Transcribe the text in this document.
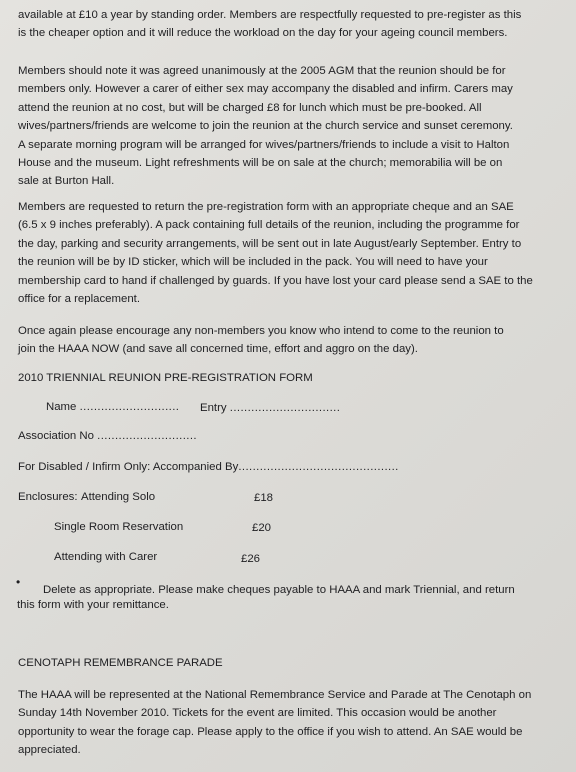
available at £10 a year by standing order. Members are respectfully requested to pre-register as this
is the cheaper option and it will reduce the workload on the day for your ageing council members.
Members should note it was agreed unanimously at the 2005 AGM that the reunion should be for
members only. However a carer of either sex may accompany the disabled and infirm. Carers may
attend the reunion at no cost, but will be charged £8 for lunch which must be pre-booked. All
wives/partners/friends are welcome to join the reunion at the church service and sunset ceremony.
A separate morning program will be arranged for wives/partners/friends to include a visit to Halton
House and the museum. Light refreshments will be on sale at the church; memorabilia will be on
sale at Burton Hall.
Members are requested to return the pre-registration form with an appropriate cheque and an SAE
(6.5 x 9 inches preferably). A pack containing full details of the reunion, including the programme for
the day, parking and security arrangements, will be sent out in late August/early September. Entry to
the reunion will be by ID sticker, which will be included in the pack. You will need to have your
membership card to hand if challenged by guards. If you have lost your card please send a SAE to the
office for a replacement.
Once again please encourage any non-members you know who intend to come to the reunion to
join the HAAA NOW (and save all concerned time, effort and aggro on the day).
2010 TRIENNIAL REUNION PRE-REGISTRATION FORM
Name ............................ Entry ...............................
Association No ............................
For Disabled / Infirm Only: Accompanied By.............................................
Enclosures: Attending Solo	£18
Single Room Reservation	£20
Attending with Carer	£26
•
Delete as appropriate. Please make cheques payable to HAAA and mark Triennial, and return
this form with your remittance.
CENOTAPH REMEMBRANCE PARADE
The HAAA will be represented at the National Remembrance Service and Parade at The Cenotaph on
Sunday 14th November 2010. Tickets for the event are limited. This occasion would be another
opportunity to wear the forage cap. Please apply to the office if you wish to attend. An SAE would be
appreciated.
